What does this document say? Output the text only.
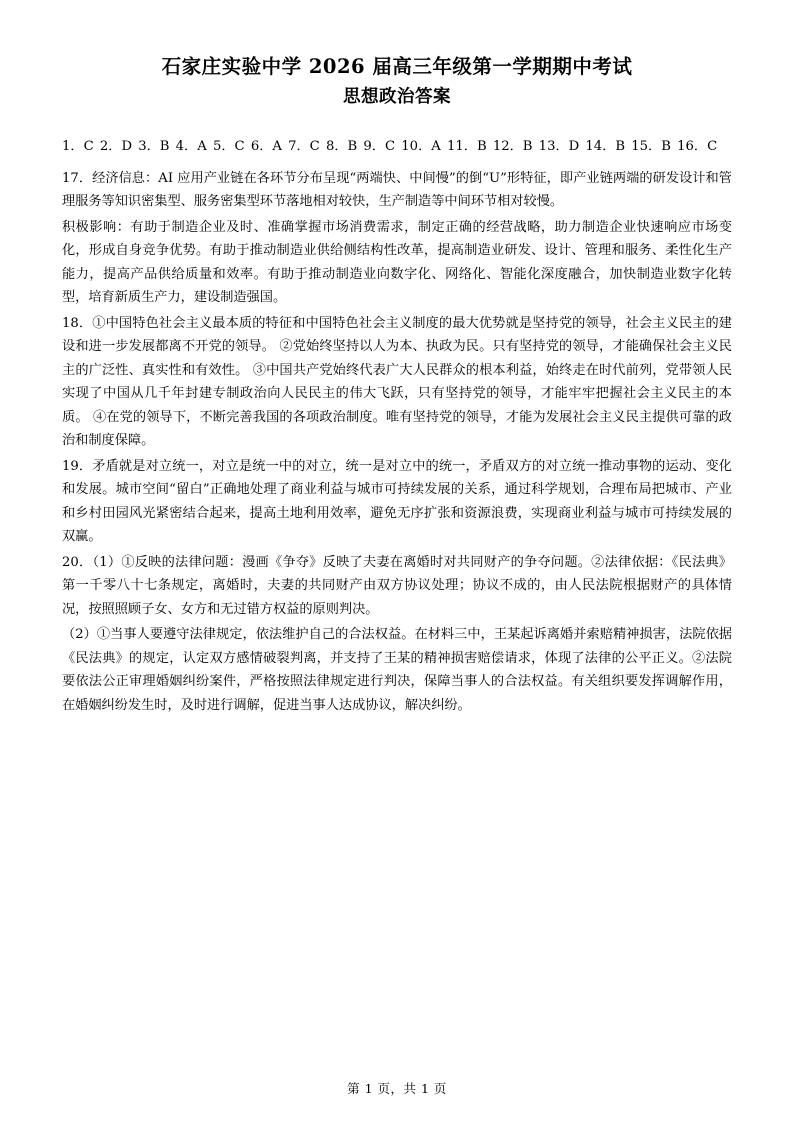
石家庄实验中学 2026 届高三年级第一学期期中考试
思想政治答案

1．C 2．D 3．B 4．A 5．C 6．A 7．C 8．B 9．C 10．A 11．B 12．B 13．D 14．B 15．B 16．C

17．经济信息：AI 应用产业链在各环节分布呈现“两端快、中间慢”的倒“U”形特征，即产业链两端的研发设计和管理服务等知识密集型、服务密集型环节落地相对较快，生产制造等中间环节相对较慢。

积极影响：有助于制造企业及时、准确掌握市场消费需求，制定正确的经营战略，助力制造企业快速响应市场变化，形成自身竞争优势。有助于推动制造业供给侧结构性改革，提高制造业研发、设计、管理和服务、柔性化生产能力，提高产品供给质量和效率。有助于推动制造业向数字化、网络化、智能化深度融合，加快制造业数字化转型，培育新质生产力，建设制造强国。

18．①中国特色社会主义最本质的特征和中国特色社会主义制度的最大优势就是坚持党的领导，社会主义民主的建设和进一步发展都离不开党的领导。 ②党始终坚持以人为本、执政为民。只有坚持党的领导，才能确保社会主义民主的广泛性、真实性和有效性。 ③中国共产党始终代表广大人民群众的根本利益，始终走在时代前列，党带领人民实现了中国从几千年封建专制政治向人民民主的伟大飞跃，只有坚持党的领导，才能牢牢把握社会主义民主的本质。 ④在党的领导下，不断完善我国的各项政治制度。唯有坚持党的领导，才能为发展社会主义民主提供可靠的政治和制度保障。

19．矛盾就是对立统一，对立是统一中的对立，统一是对立中的统一，矛盾双方的对立统一推动事物的运动、变化和发展。城市空间“留白”正确地处理了商业利益与城市可持续发展的关系，通过科学规划，合理布局把城市、产业和乡村田园风光紧密结合起来，提高土地利用效率，避免无序扩张和资源浪费，实现商业利益与城市可持续发展的双赢。

20．（1）①反映的法律问题：漫画《争夺》反映了夫妻在离婚时对共同财产的争夺问题。②法律依据：《民法典》第一千零八十七条规定，离婚时，夫妻的共同财产由双方协议处理；协议不成的，由人民法院根据财产的具体情况，按照照顾子女、女方和无过错方权益的原则判决。

（2）①当事人要遵守法律规定，依法维护自己的合法权益。在材料三中，王某起诉离婚并索赔精神损害，法院依据《民法典》的规定，认定双方感情破裂判离，并支持了王某的精神损害赔偿请求，体现了法律的公平正义。②法院要依法公正审理婚姻纠纷案件，严格按照法律规定进行判决，保障当事人的合法权益。有关组织要发挥调解作用，在婚姻纠纷发生时，及时进行调解，促进当事人达成协议，解决纠纷。

第 1 页，共 1 页
